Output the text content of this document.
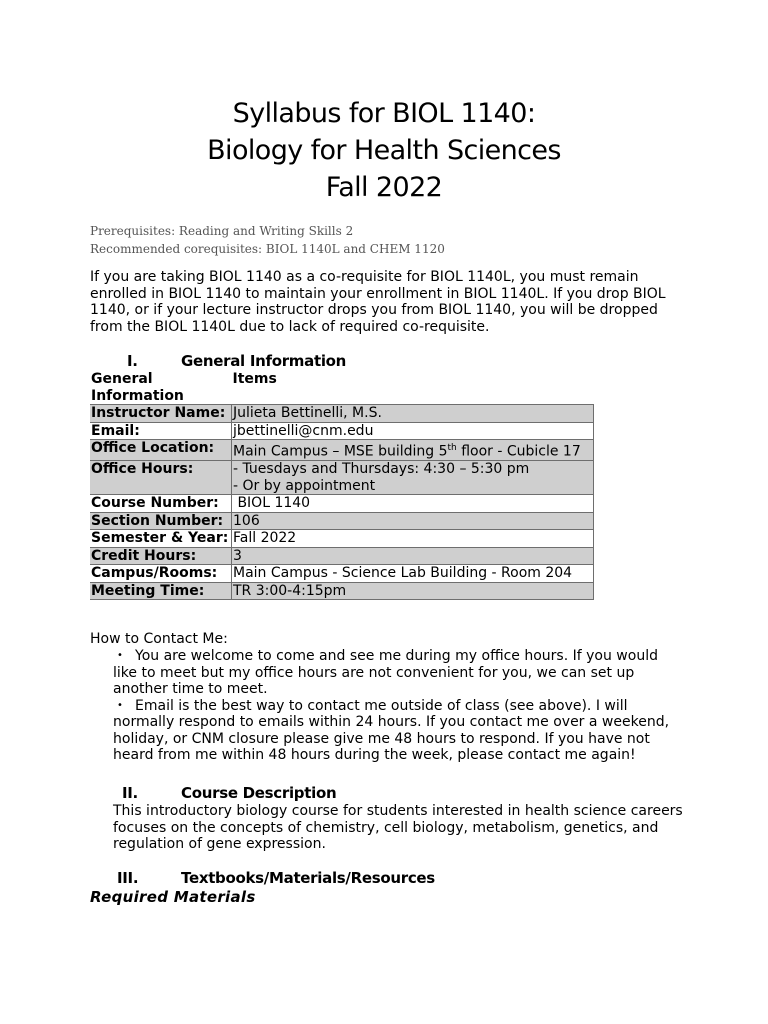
Syllabus for BIOL 1140:
Biology for Health Sciences
Fall 2022
Prerequisites: Reading and Writing Skills 2
Recommended corequisites: BIOL 1140L and CHEM 1120
If you are taking BIOL 1140 as a co-requisite for BIOL 1140L, you must remain enrolled in BIOL 1140 to maintain your enrollment in BIOL 1140L. If you drop BIOL 1140, or if your lecture instructor drops you from BIOL 1140, you will be dropped from the BIOL 1140L due to lack of required co-requisite.
I.	General Information
General Information	Items
Instructor Name:	Julieta Bettinelli, M.S.
Email:	jbettinelli@cnm.edu
Office Location:	Main Campus – MSE building 5th floor - Cubicle 17
Office Hours:	- Tuesdays and Thursdays: 4:30 – 5:30 pm
- Or by appointment

Course Number:	BIOL 1140
Section Number:	106
Semester & Year:	Fall 2022
Credit Hours:	3
Campus/Rooms:	Main Campus - Science Lab Building - Room 204
Meeting Time:	TR 3:00-4:15pm
How to Contact Me:
• You are welcome to come and see me during my office hours. If you would like to meet but my office hours are not convenient for you, we can set up another time to meet.
• Email is the best way to contact me outside of class (see above). I will normally respond to emails within 24 hours. If you contact me over a weekend, holiday, or CNM closure please give me 48 hours to respond. If you have not heard from me within 48 hours during the week, please contact me again!
II.	Course Description
This introductory biology course for students interested in health science careers focuses on the concepts of chemistry, cell biology, metabolism, genetics, and regulation of gene expression.
III.	Textbooks/Materials/Resources
Required Materials
